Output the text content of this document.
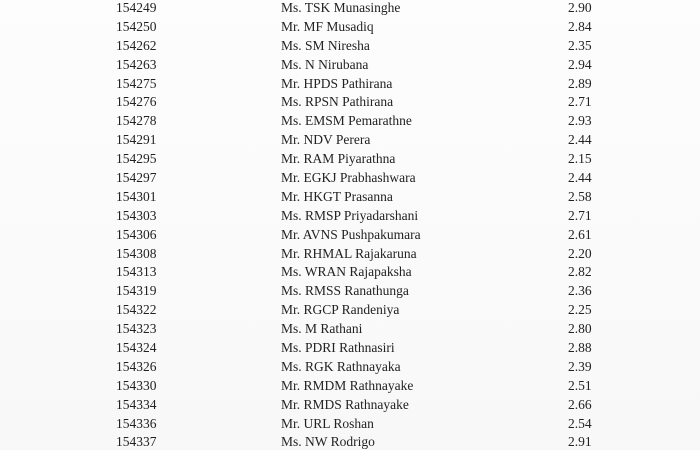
154249	Ms. TSK Munasinghe	2.90
154250	Mr. MF Musadiq	2.84
154262	Ms. SM Niresha	2.35
154263	Ms. N Nirubana	2.94
154275	Mr. HPDS Pathirana	2.89
154276	Ms. RPSN Pathirana	2.71
154278	Ms. EMSM Pemarathne	2.93
154291	Mr. NDV Perera	2.44
154295	Mr. RAM Piyarathna	2.15
154297	Mr. EGKJ Prabhashwara	2.44
154301	Mr. HKGT Prasanna	2.58
154303	Ms. RMSP Priyadarshani	2.71
154306	Mr. AVNS Pushpakumara	2.61
154308	Mr. RHMAL Rajakaruna	2.20
154313	Ms. WRAN Rajapaksha	2.82
154319	Ms. RMSS Ranathunga	2.36
154322	Mr. RGCP Randeniya	2.25
154323	Ms. M Rathani	2.80
154324	Ms. PDRI Rathnasiri	2.88
154326	Ms. RGK Rathnayaka	2.39
154330	Mr. RMDM Rathnayake	2.51
154334	Mr. RMDS Rathnayake	2.66
154336	Mr. URL Roshan	2.54
154337	Ms. NW Rodrigo	2.91
